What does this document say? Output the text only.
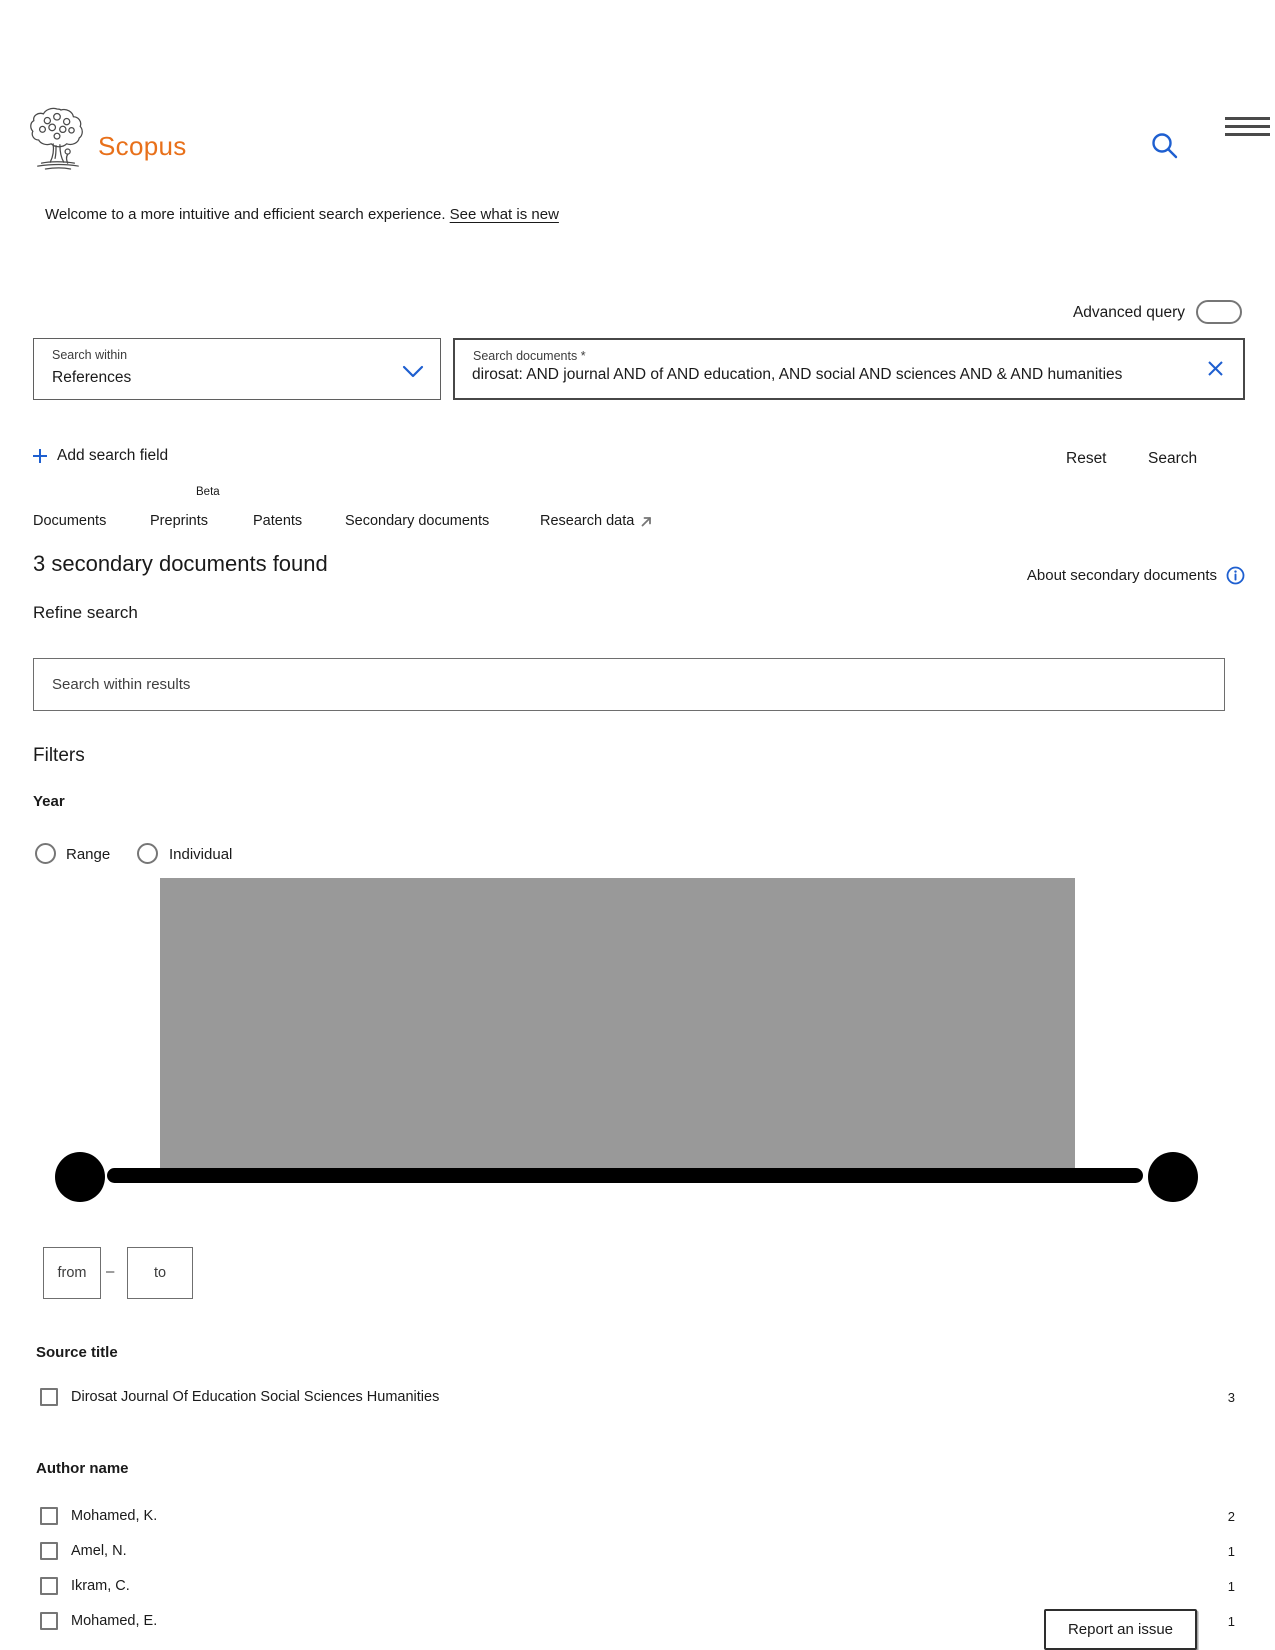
Scopus
Welcome to a more intuitive and efficient search experience. See what is new
Advanced query
Search within
References
Search documents *
dirosat: AND journal AND of AND education, AND social AND sciences AND & AND humanities
Add search field	Reset	Search
Beta
Documents	Preprints	Patents	Secondary documents	Research data
3 secondary documents found	About secondary documents
Refine search
Search within results
Filters
Year
Range	Individual
from
–
to
Source title
Dirosat Journal Of Education Social Sciences Humanities	3
Author name
Mohamed, K.	2
Amel, N.	1
Ikram, C.	1
Mohamed, E.	1
Report an issue
